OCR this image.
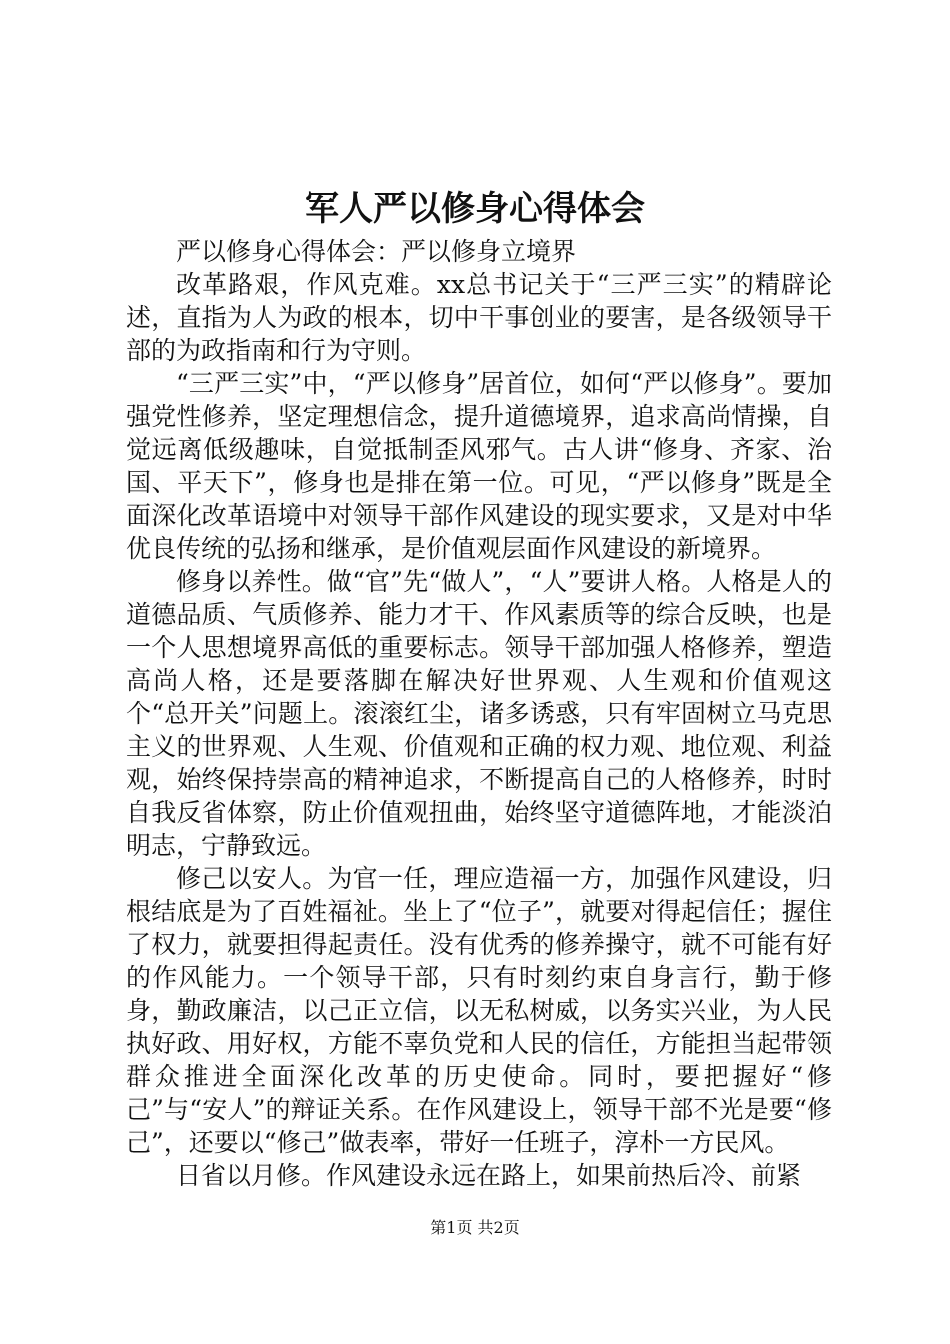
军人严以修身心得体会

严以修身心得体会：严以修身立境界

改革路艰，作风克难。xx总书记关于“三严三实”的精辟论述，直指为人为政的根本，切中干事创业的要害，是各级领导干部的为政指南和行为守则。

“三严三实”中，“严以修身”居首位，如何“严以修身”。要加强党性修养，坚定理想信念，提升道德境界，追求高尚情操，自觉远离低级趣味，自觉抵制歪风邪气。古人讲“修身、齐家、治国、平天下”，修身也是排在第一位。可见，“严以修身”既是全面深化改革语境中对领导干部作风建设的现实要求，又是对中华优良传统的弘扬和继承，是价值观层面作风建设的新境界。

修身以养性。做“官”先“做人”，“人”要讲人格。人格是人的道德品质、气质修养、能力才干、作风素质等的综合反映，也是一个人思想境界高低的重要标志。领导干部加强人格修养，塑造高尚人格，还是要落脚在解决好世界观、人生观和价值观这个“总开关”问题上。滚滚红尘，诸多诱惑，只有牢固树立马克思主义的世界观、人生观、价值观和正确的权力观、地位观、利益观，始终保持崇高的精神追求，不断提高自己的人格修养，时时自我反省体察，防止价值观扭曲，始终坚守道德阵地，才能淡泊明志，宁静致远。

修己以安人。为官一任，理应造福一方，加强作风建设，归根结底是为了百姓福祉。坐上了“位子”，就要对得起信任；握住了权力，就要担得起责任。没有优秀的修养操守，就不可能有好的作风能力。一个领导干部，只有时刻约束自身言行，勤于修身，勤政廉洁，以己正立信，以无私树威，以务实兴业，为人民执好政、用好权，方能不辜负党和人民的信任，方能担当起带领群众推进全面深化改革的历史使命。同时，要把握好“修己”与“安人”的辩证关系。在作风建设上，领导干部不光是要“修己”，还要以“修己”做表率，带好一任班子，淳朴一方民风。

日省以月修。作风建设永远在路上，如果前热后冷、前紧

第1页 共2页
